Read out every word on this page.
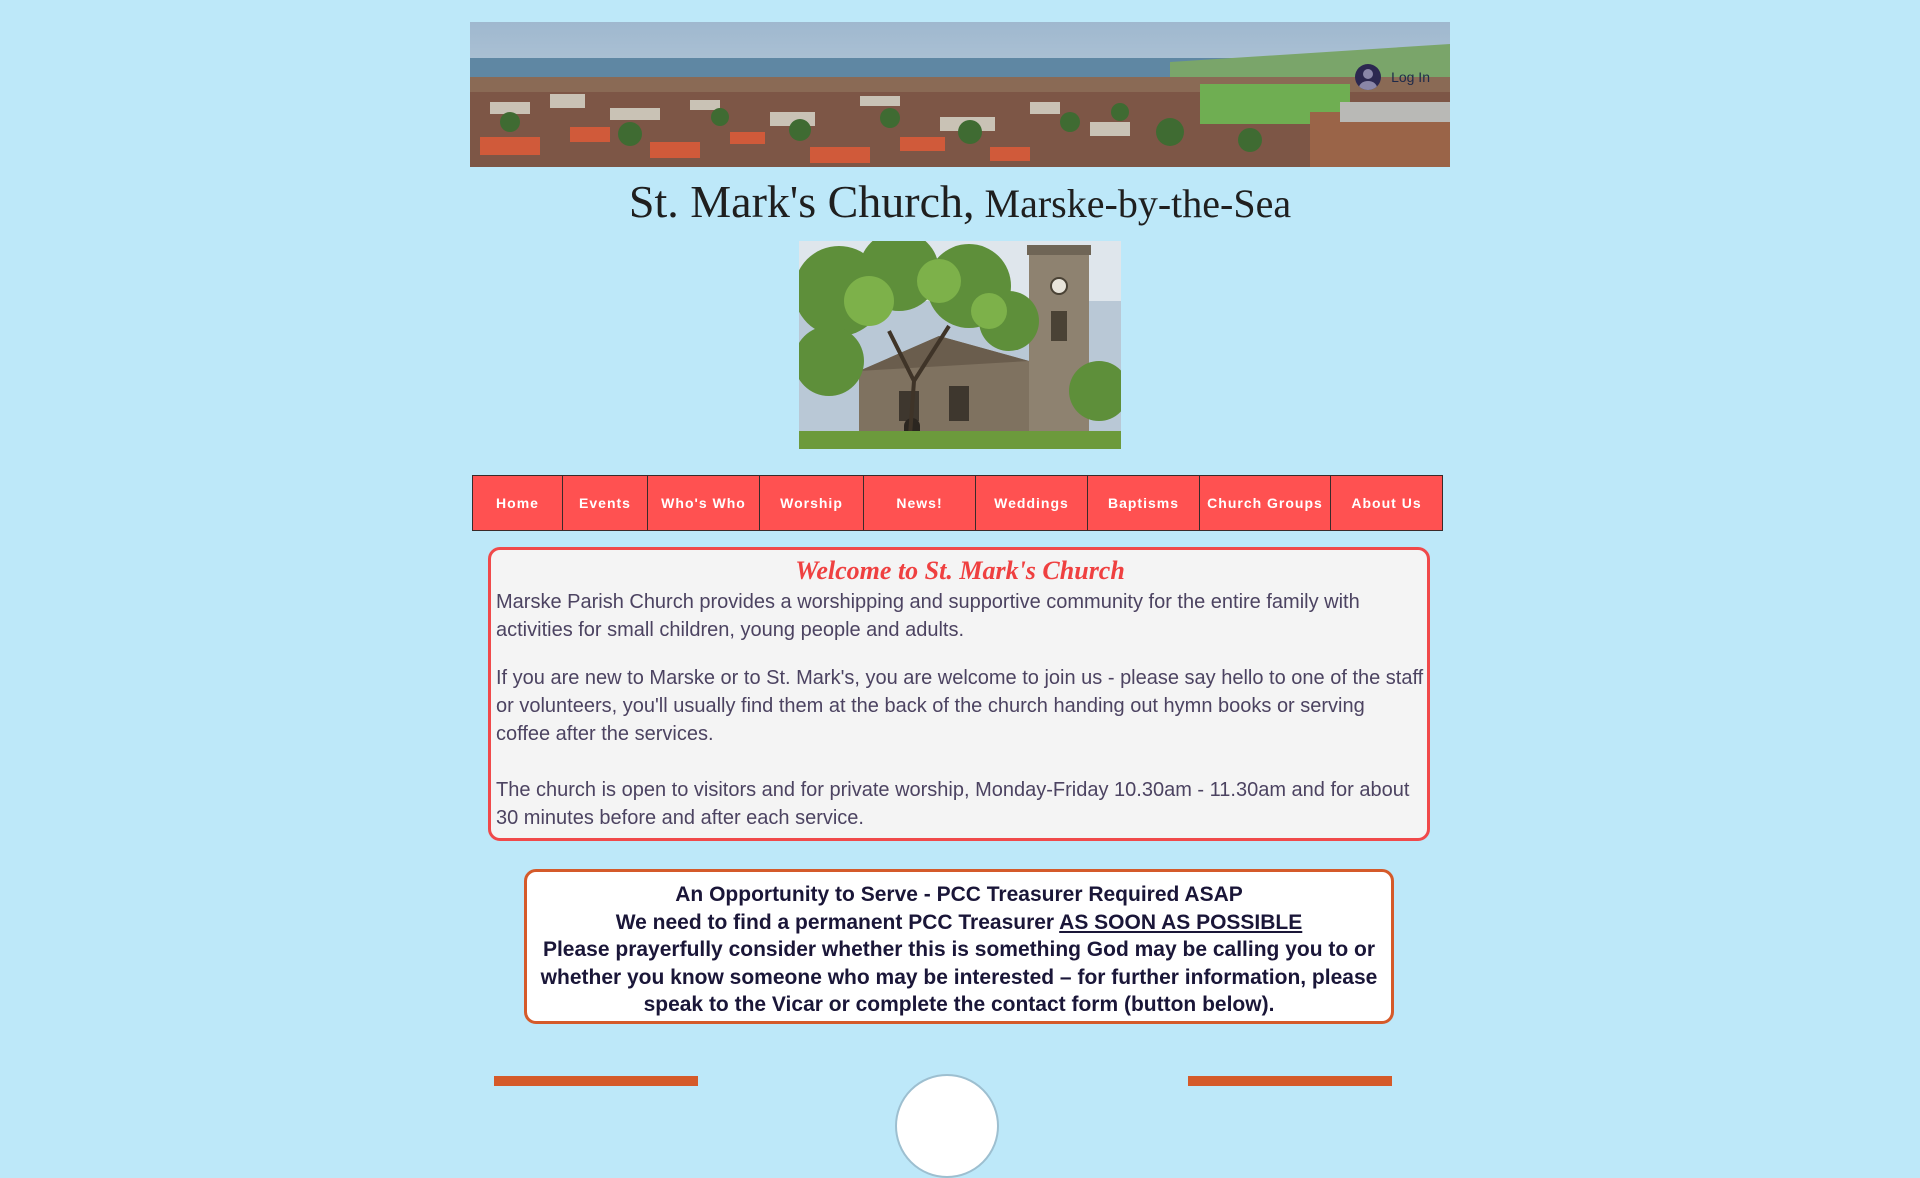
Log In
St. Mark's Church, Marske-by-the-Sea
Home	Events	Who's Who	Worship	News!	Weddings	Baptisms	Church Groups	About Us
Welcome to St. Mark's Church

Marske Parish Church provides a worshipping and supportive community for the entire family with activities for small children, young people and adults.

If you are new to Marske or to St. Mark's, you are welcome to join us - please say hello to one of the staff or volunteers, you'll usually find them at the back of the church handing out hymn books or serving coffee after the services.

The church is open to visitors and for private worship, Monday-Friday 10.30am - 11.30am and for about 30 minutes before and after each service.

An Opportunity to Serve - PCC Treasurer Required ASAP
We need to find a permanent PCC Treasurer AS SOON AS POSSIBLE
Please prayerfully consider whether this is something God may be calling you to or whether you know someone who may be interested – for further information, please speak to the Vicar or complete the contact form (button below).
